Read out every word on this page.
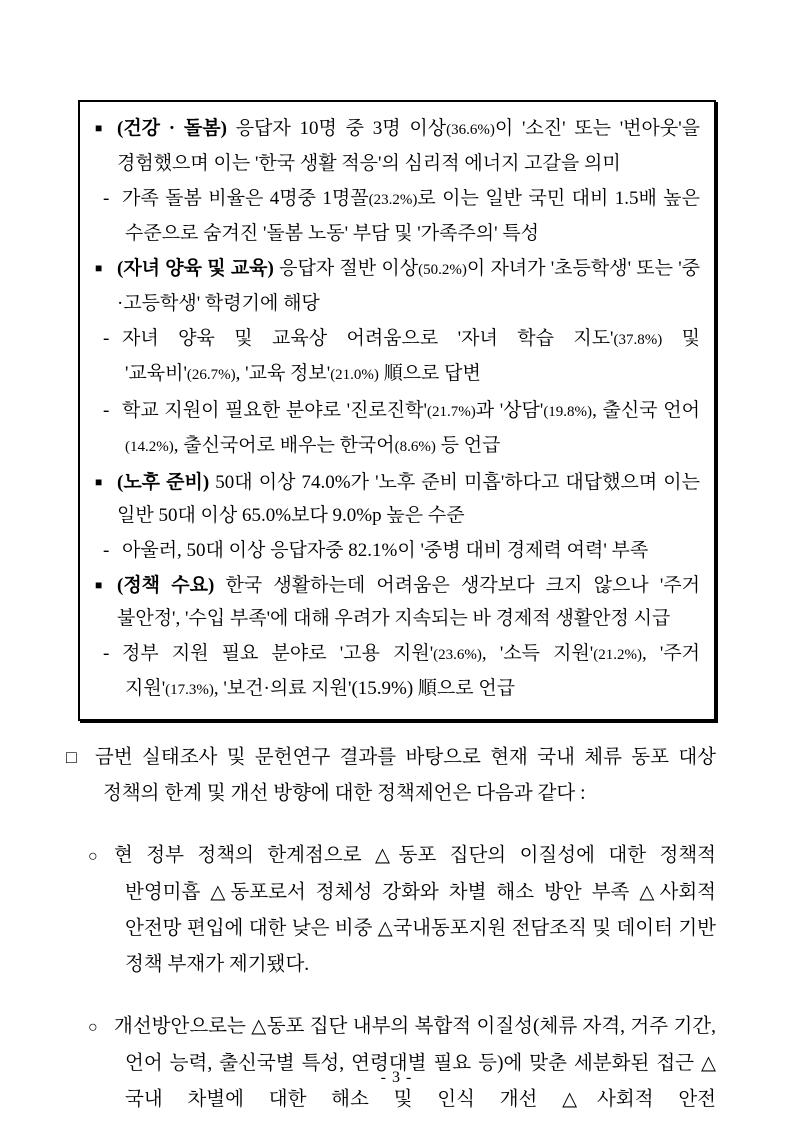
■ (건강 · 돌봄) 응답자 10명 중 3명 이상(36.6%)이 '소진' 또는 '번아웃'을 경험했으며 이는 '한국 생활 적응'의 심리적 에너지 고갈을 의미
- 가족 돌봄 비율은 4명중 1명꼴(23.2%)로 이는 일반 국민 대비 1.5배 높은 수준으로 숨겨진 '돌봄 노동' 부담 및 '가족주의' 특성
■ (자녀 양육 및 교육) 응답자 절반 이상(50.2%)이 자녀가 '초등학생' 또는 '중·고등학생' 학령기에 해당
- 자녀 양육 및 교육상 어려움으로 '자녀 학습 지도'(37.8%) 및 '교육비'(26.7%), '교육 정보'(21.0%) 順으로 답변
- 학교 지원이 필요한 분야로 '진로진학'(21.7%)과 '상담'(19.8%), 출신국 언어(14.2%), 출신국어로 배우는 한국어(8.6%) 등 언급
■ (노후 준비) 50대 이상 74.0%가 '노후 준비 미흡'하다고 대답했으며 이는 일반 50대 이상 65.0%보다 9.0%p 높은 수준
- 아울러, 50대 이상 응답자중 82.1%이 '중병 대비 경제력 여력' 부족
■ (정책 수요) 한국 생활하는데 어려움은 생각보다 크지 않으나 '주거 불안정', '수입 부족'에 대해 우려가 지속되는 바 경제적 생활안정 시급
- 정부 지원 필요 분야로 '고용 지원'(23.6%), '소득 지원'(21.2%), '주거 지원'(17.3%), '보건·의료 지원'(15.9%) 順으로 언급
□ 금번 실태조사 및 문헌연구 결과를 바탕으로 현재 국내 체류 동포 대상 정책의 한계 및 개선 방향에 대한 정책제언은 다음과 같다 :
○ 현 정부 정책의 한계점으로 △동포 집단의 이질성에 대한 정책적 반영미흡 △동포로서 정체성 강화와 차별 해소 방안 부족 △사회적 안전망 편입에 대한 낮은 비중 △국내동포지원 전담조직 및 데이터 기반 정책 부재가 제기됐다.
○ 개선방안으로는 △동포 집단 내부의 복합적 이질성(체류 자격, 거주 기간, 언어 능력, 출신국별 특성, 연령대별 필요 등)에 맞춘 세분화된 접근 △국내 차별에 대한 해소 및 인식 개선 △사회적 안전
- 3 -
